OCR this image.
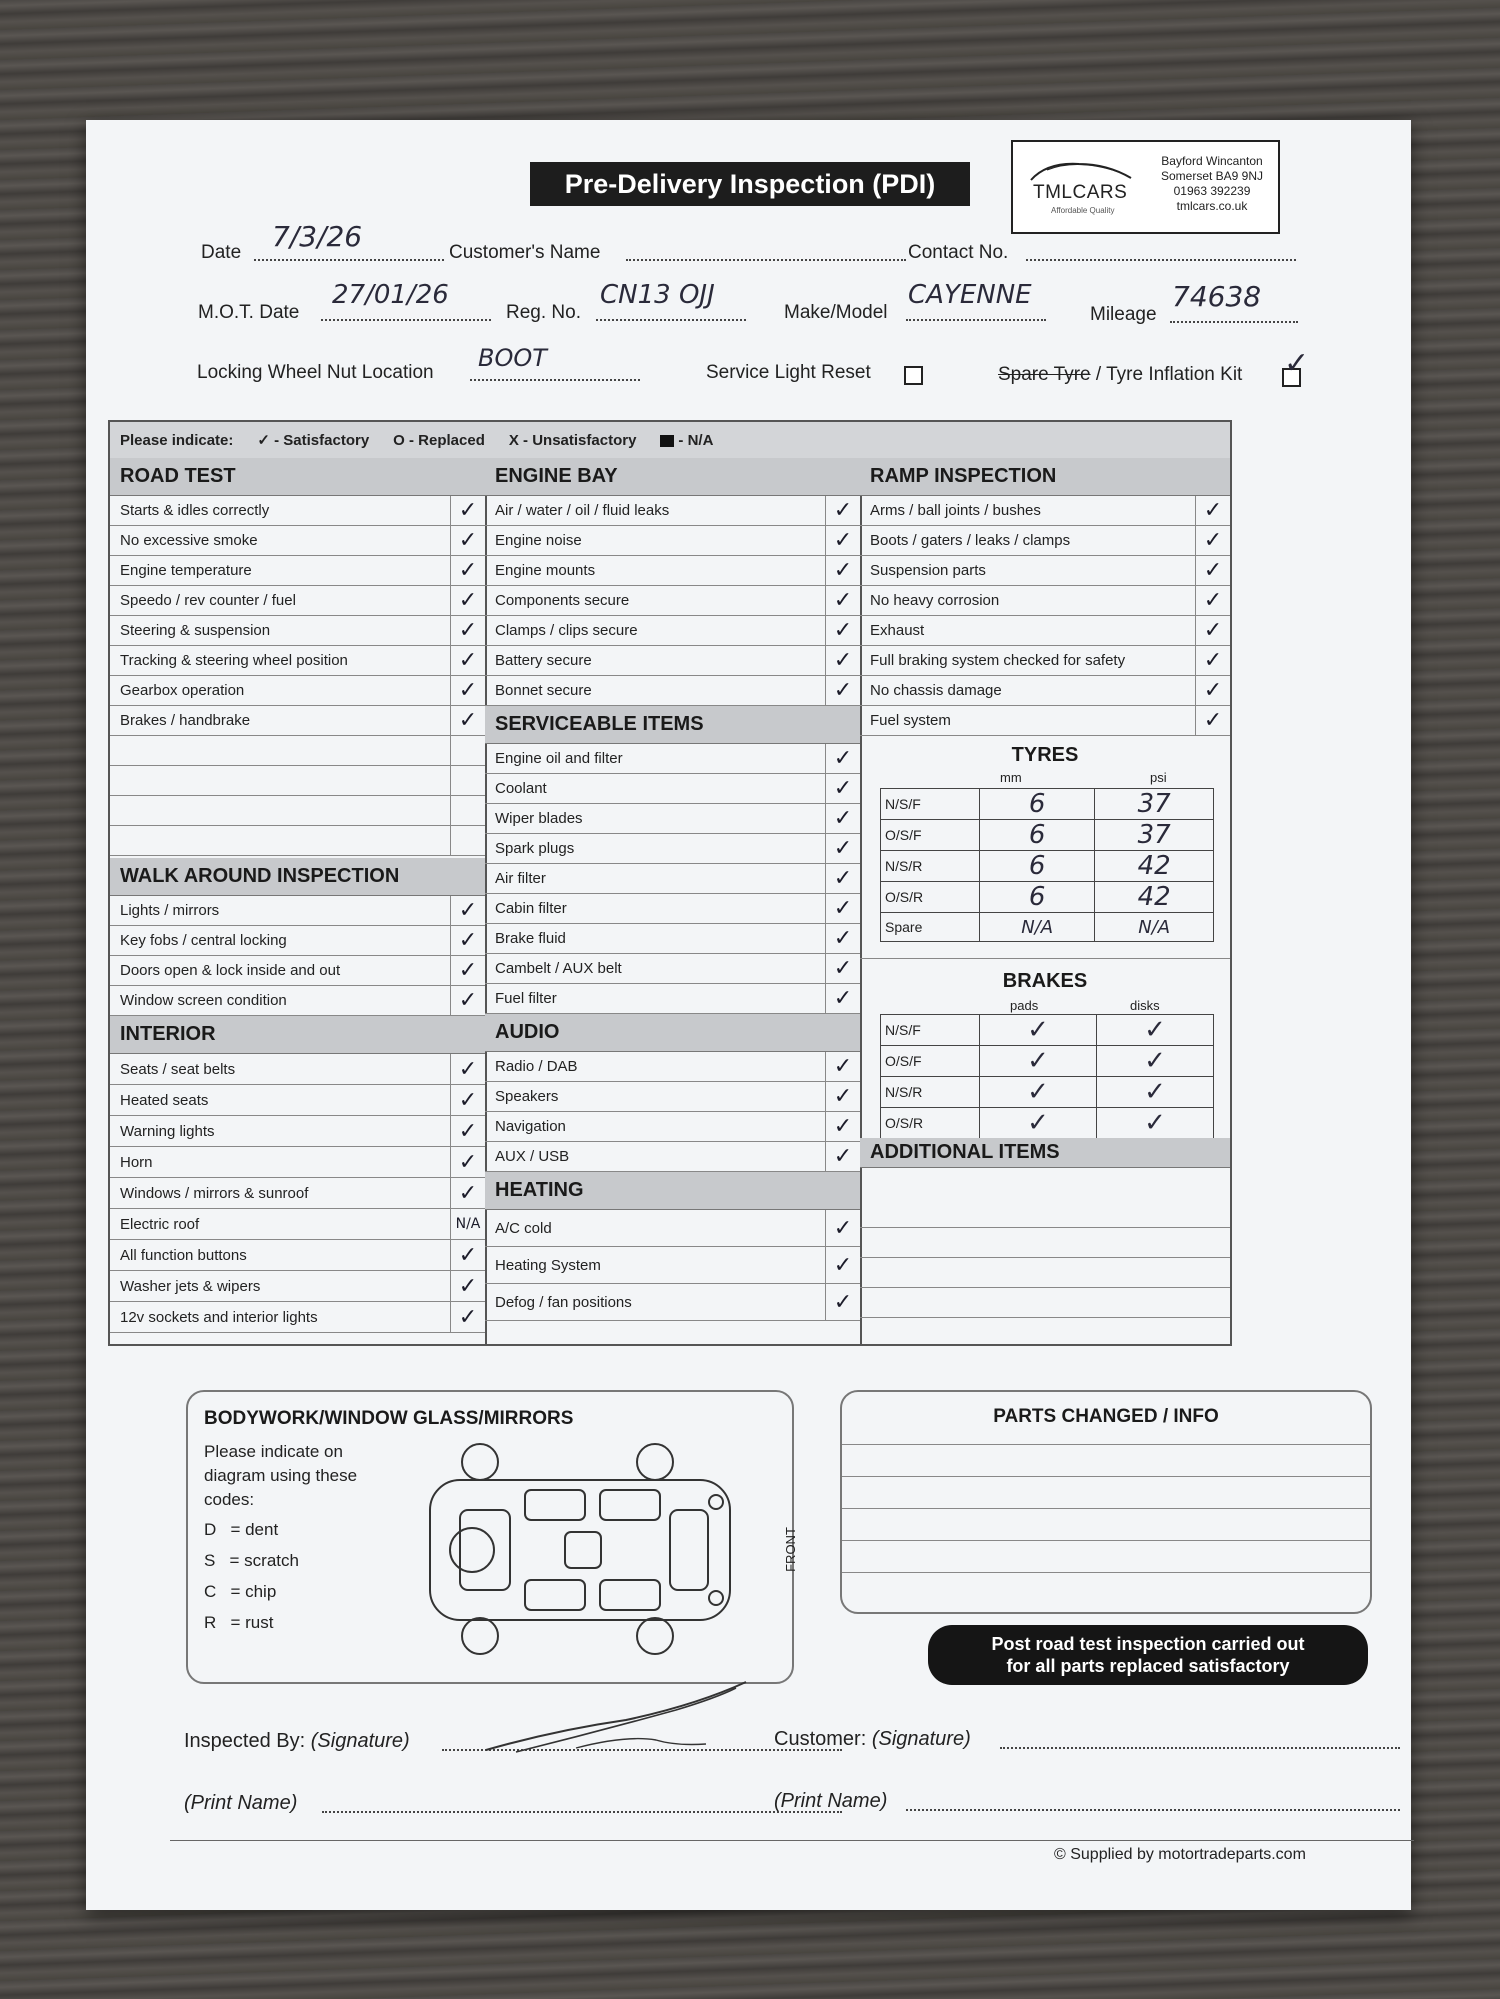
Pre-Delivery Inspection (PDI)	TMLCARS
Affordable Quality
Bayford Wincanton
Somerset BA9 9NJ
01963 392239
tmlcars.co.uk
Date 7/3/26	Customer's Name	Contact No.
M.O.T. Date
27/01/26
Reg. No.
CN13 OJJ
Make/Model
CAYENNE
Mileage
74638
Locking Wheel Nut Location
BOOT
Service Light Reset	Spare Tyre / Tyre Inflation Kit ✓
Please indicate: ✓ - Satisfactory O - Replaced X - Unsatisfactory	- N/A
ROAD TEST
Starts & idles correctly	✓
No excessive smoke	✓
Engine temperature	✓
Speedo / rev counter / fuel	✓
Steering & suspension	✓
Tracking & steering wheel position	✓
Gearbox operation	✓
Brakes / handbrake	✓
WALK AROUND INSPECTION
Lights / mirrors	✓
Key fobs / central locking	✓
Doors open & lock inside and out	✓
Window screen condition	✓
INTERIOR
Seats / seat belts	✓
Heated seats	✓
Warning lights	✓
Horn	✓
Windows / mirrors & sunroof	✓
Electric roof	N/A
All function buttons	✓
Washer jets & wipers	✓
12v sockets and interior lights	✓
ENGINE BAY
Air / water / oil / fluid leaks	✓
Engine noise	✓
Engine mounts	✓
Components secure	✓
Clamps / clips secure	✓
Battery secure	✓
Bonnet secure	✓
SERVICEABLE ITEMS
Engine oil and filter	✓
Coolant	✓
Wiper blades	✓
Spark plugs	✓
Air filter	✓
Cabin filter	✓
Brake fluid	✓
Cambelt / AUX belt	✓
Fuel filter	✓
AUDIO
Radio / DAB	✓
Speakers	✓
Navigation	✓
AUX / USB	✓
HEATING
A/C cold	✓
Heating System	✓
Defog / fan positions	✓
RAMP INSPECTION
Arms / ball joints / bushes	✓
Boots / gaters / leaks / clamps	✓
Suspension parts	✓
No heavy corrosion	✓
Exhaust	✓
Full braking system checked for safety	✓
No chassis damage	✓
Fuel system	✓
TYRES
mm	psi
N/S/F	6	37
O/S/F	6	37
N/S/R	6	42
O/S/R	6	42
Spare	N/A	N/A
BRAKES
pads	disks
N/S/F	✓	✓
O/S/F	✓	✓
N/S/R	✓	✓
O/S/R	✓	✓
ADDITIONAL ITEMS
BODYWORK/WINDOW GLASS/MIRRORS
Please indicate on diagram using these codes:
D = dent
S = scratch
C = chip
R = rust
FRONT
PARTS CHANGED / INFO
Post road test inspection carried out
for all parts replaced satisfactory
Inspected By: (Signature)	Customer: (Signature)
(Print Name)	(Print Name)
© Supplied by motortradeparts.com
